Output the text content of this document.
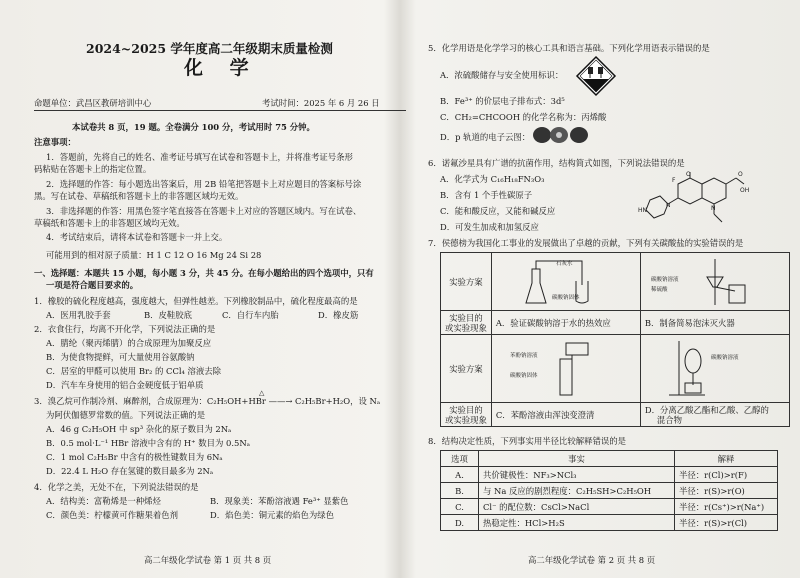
2024~2025 学年度高二年级期末质量检测
化 学
命题单位：武昌区教研培训中心	考试时间：2025 年 6 月 26 日
本试卷共 8 页，19 题。全卷满分 100 分，考试用时 75 分钟。
注意事项：
1．答题前，先将自己的姓名、准考证号填写在试卷和答题卡上，并将准考证号条形
码粘贴在答题卡上的指定位置。
2．选择题的作答：每小题选出答案后，用 2B 铅笔把答题卡上对应题目的答案标号涂
黑。写在试卷、草稿纸和答题卡上的非答题区域均无效。
3．非选择题的作答：用黑色签字笔直接答在答题卡上对应的答题区域内。写在试卷、
草稿纸和答题卡上的非答题区域均无效。
4．考试结束后，请将本试卷和答题卡一并上交。
可能用到的相对原子质量：H 1 C 12 O 16 Mg 24 Si 28
一、选择题：本题共 15 小题，每小题 3 分，共 45 分。在每小题给出的四个选项中，只有
一项是符合题目要求的。
1．橡胶的硫化程度越高，强度越大，但弹性越差。下列橡胶制品中，硫化程度最高的是
A．医用乳胶手套	B．皮鞋胶底	C．自行车内胎	D．橡皮筋
2．衣食住行，均离不开化学，下列说法正确的是
A．腈纶（聚丙烯腈）的合成原理为加聚反应
B．为使食物提鲜，可大量使用谷氨酸钠
C．居室的甲醛可以使用 Br₂ 的 CCl₄ 溶液去除
D．汽车车身使用的铝合金硬度低于铝单质
3．溴乙烷可作制冷剂、麻醉剂，合成原理为：C₂H₅OH+HBr ——→ C₂H₅Br+H₂O，设 Nₐ
△
为阿伏伽德罗常数的值。下列说法正确的是
A．46 g C₂H₅OH 中 sp³ 杂化的原子数目为 2Nₐ
B．0.5 mol·L⁻¹ HBr 溶液中含有的 H⁺ 数目为 0.5Nₐ
C．1 mol C₂H₅Br 中含有的极性键数目为 6Nₐ
D．22.4 L H₂O 存在氢键的数目最多为 2Nₐ
4．化学之美，无处不在，下列说法错误的是
A．结构美：富勒烯是一种烯烃	B．现象美：苯酚溶液遇 Fe³⁺ 显紫色
C．颜色美：柠檬黄可作糖果着色剂	D．焰色美：铜元素的焰色为绿色
高二年级化学试卷 第 1 页 共 8 页
5．化学用语是化学学习的核心工具和语言基础。下列化学用语表示错误的是
A．浓硫酸储存与安全使用标识：
B．Fe³⁺ 的价层电子排布式：3d⁵
C．CH₂=CHCOOH 的化学名称为：丙烯酸
D．p 轨道的电子云图：
6．诺氟沙星具有广谱的抗菌作用，结构简式如图，下列说法错误的是
A．化学式为 C₁₆H₁₈FN₃O₃
B．含有 1 个手性碳原子
C．能和酸反应，又能和碱反应
D．可发生加成和加氢反应
O
F
O
OH
N
N
HN
7．侯德榜为我国化工事业的发展做出了卓越的贡献，下列有关碳酸盐的实验错误的是
实验方案	石灰水
碳酸钠固体	碳酸钠溶液
稀硫酸

实验目的
或实验现象	A．验证碳酸钠溶于水的热效应	B．制备简易泡沫灭火器
实验方案	苯酚钠溶液
碳酸钠固体	碳酸钠溶液

实验目的
或实验现象	C．苯酚溶液由浑浊变澄清	D．分离乙酸乙酯和乙酸、乙醇的
混合物
8．结构决定性质，下列事实用半径比较解释错误的是
选项	事实	解释
A.	共价键极性：NF₃>NCl₃	半径：r(Cl)>r(F)
B.	与 Na 反应的剧烈程度：C₂H₅SH>C₂H₅OH	半径：r(S)>r(O)
C.	Cl⁻ 的配位数：CsCl>NaCl	半径：r(Cs⁺)>r(Na⁺)
D.	热稳定性：HCl>H₂S	半径：r(S)>r(Cl)
高二年级化学试卷 第 2 页 共 8 页
